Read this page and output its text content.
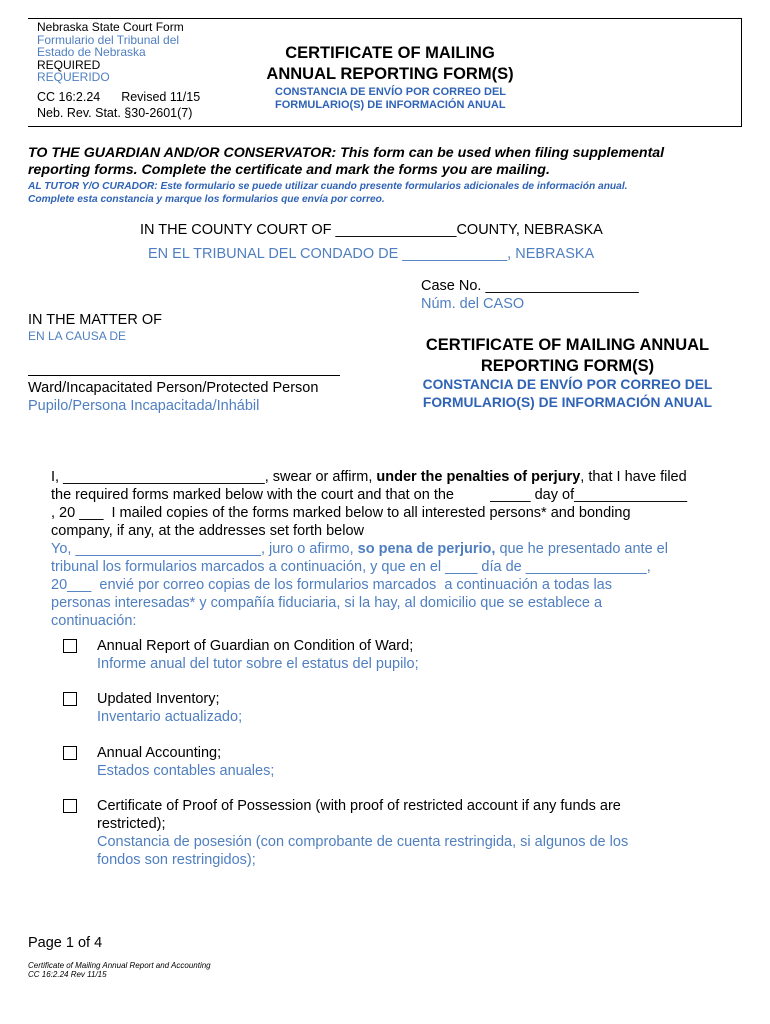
Nebraska State Court Form
Formulario del Tribunal del
Estado de Nebraska
REQUIRED
REQUERIDO
CC 16:2.24 Revised 11/15
Neb. Rev. Stat. §30-2601(7)
CERTIFICATE OF MAILING
ANNUAL REPORTING FORM(S)
CONSTANCIA DE ENVÍO POR CORREO DEL
FORMULARIO(S) DE INFORMACIÓN ANUAL
TO THE GUARDIAN AND/OR CONSERVATOR: This form can be used when filing supplemental
reporting forms. Complete the certificate and mark the forms you are mailing.
AL TUTOR Y/O CURADOR: Este formulario se puede utilizar cuando presente formularios adicionales de información anual.
Complete esta constancia y marque los formularios que envía por correo.
IN THE COUNTY COURT OF _______________COUNTY, NEBRASKA
EN EL TRIBUNAL DEL CONDADO DE _____________, NEBRASKA
Case No. ___________________
Núm. del CASO
IN THE MATTER OF
EN LA CAUSA DE
Ward/Incapacitated Person/Protected Person
Pupilo/Persona Incapacitada/Inhábil
CERTIFICATE OF MAILING ANNUAL
REPORTING FORM(S)
CONSTANCIA DE ENVÍO POR CORREO DEL
FORMULARIO(S) DE INFORMACIÓN ANUAL
I, _________________________, swear or affirm, under the penalties of perjury, that I have filed
the required forms marked below with the court and that on the         _____ day of______________
, 20 ___  I mailed copies of the forms marked below to all interested persons* and bonding
company, if any, at the addresses set forth below
Yo, _______________________, juro o afirmo, so pena de perjurio, que he presentado ante el
tribunal los formularios marcados a continuación, y que en el ____ día de _______________,
20___  envié por correo copias de los formularios marcados  a continuación a todas las
personas interesadas* y compañía fiduciaria, si la hay, al domicilio que se establece a
continuación:
Annual Report of Guardian on Condition of Ward;
Informe anual del tutor sobre el estatus del pupilo;
Updated Inventory;
Inventario actualizado;
Annual Accounting;
Estados contables anuales;
Certificate of Proof of Possession (with proof of restricted account if any funds are
restricted);
Constancia de posesión (con comprobante de cuenta restringida, si algunos de los
fondos son restringidos);
Page 1 of 4
Certificate of Mailing Annual Report and Accounting
CC 16:2.24 Rev 11/15
